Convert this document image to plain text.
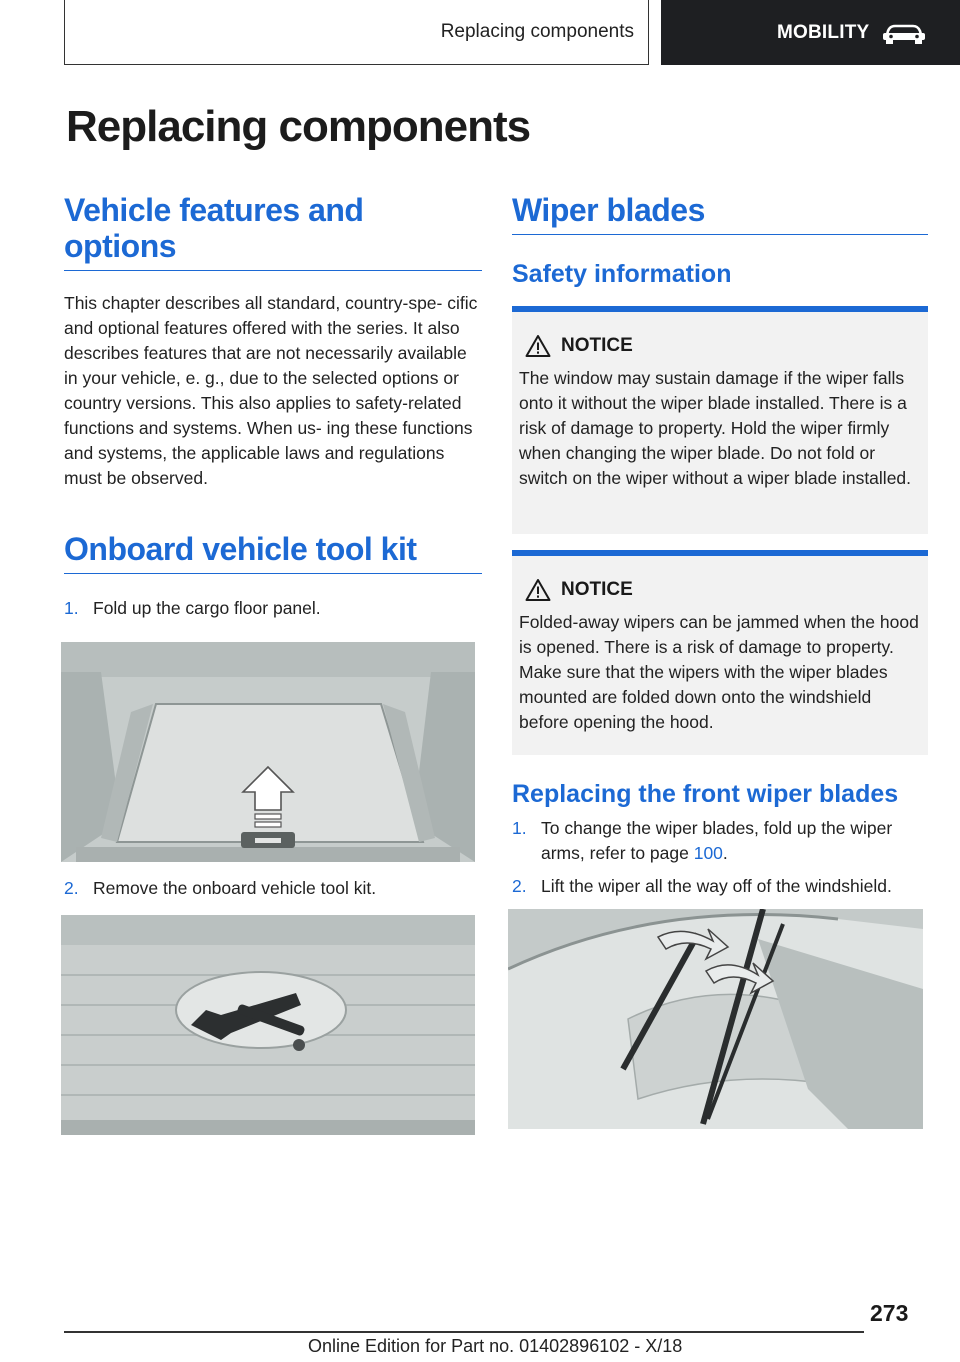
Replacing components	MOBILITY
Replacing components
Vehicle features and options

This chapter describes all standard, country-spe‐ cific and optional features offered with the series. It also describes features that are not necessarily available in your vehicle, e. g., due to the selected options or country versions. This also applies to safety-related functions and systems. When us‐ ing these functions and systems, the applicable laws and regulations must be observed.

Onboard vehicle tool kit
1. Fold up the cargo floor panel.
2. Remove the onboard vehicle tool kit.
Wiper blades
Safety information
NOTICE

The window may sustain damage if the wiper falls onto it without the wiper blade installed. There is a risk of damage to property. Hold the wiper firmly when changing the wiper blade. Do not fold or switch on the wiper without a wiper blade installed.

NOTICE

Folded-away wipers can be jammed when the hood is opened. There is a risk of damage to property. Make sure that the wipers with the wiper blades mounted are folded down onto the windshield before opening the hood.

Replacing the front wiper blades
1. To change the wiper blades, fold up the wiper arms, refer to page 100.
2. Lift the wiper all the way off of the windshield.
273
Online Edition for Part no. 01402896102 - X/18
